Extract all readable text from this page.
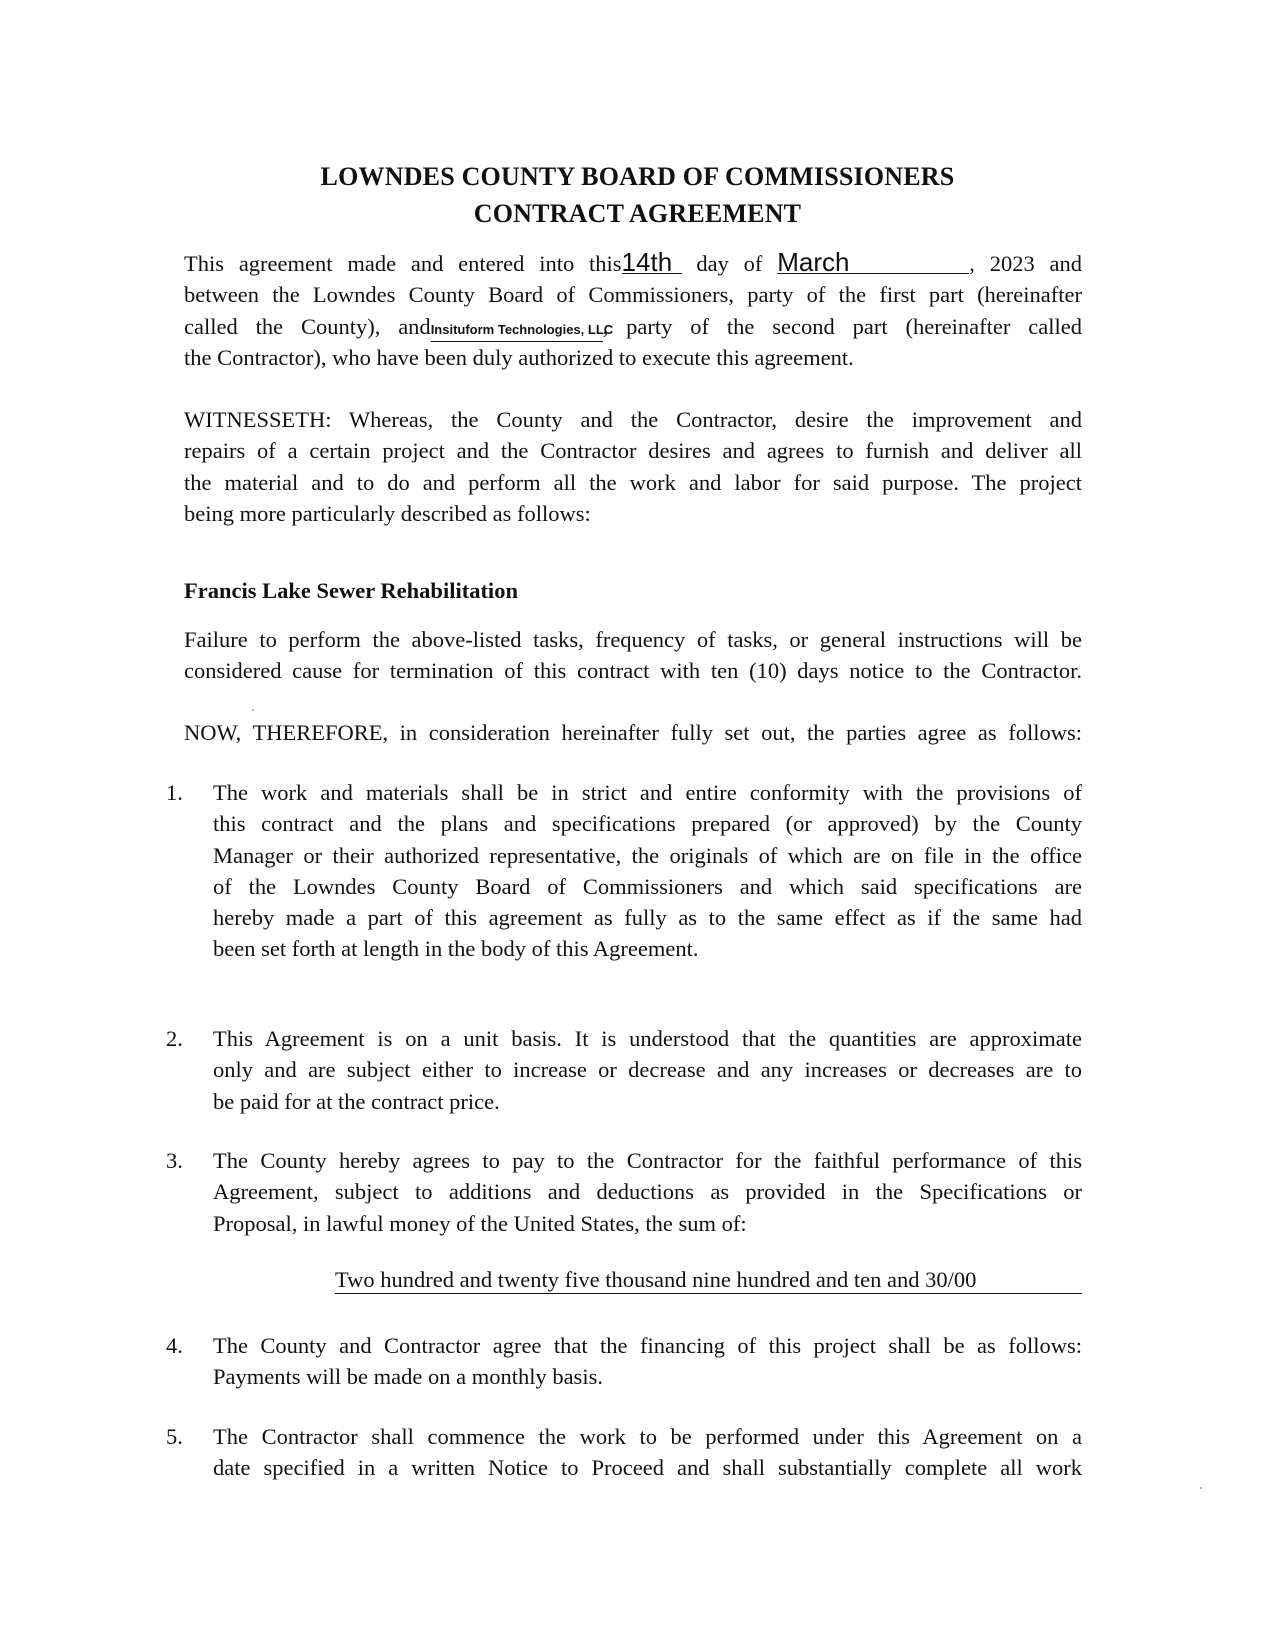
LOWNDES COUNTY BOARD OF COMMISSIONERS
CONTRACT AGREEMENT
This agreement made and entered into this14th day of March	, 2023 and
between the Lowndes County Board of Commissioners, party of the first part (hereinafter
called the County), andInsituform Technologies, LLC, party of the second part (hereinafter called
the Contractor), who have been duly authorized to execute this agreement.
WITNESSETH: Whereas, the County and the Contractor, desire the improvement and
repairs of a certain project and the Contractor desires and agrees to furnish and deliver all
the material and to do and perform all the work and labor for said purpose. The project
being more particularly described as follows:
Francis Lake Sewer Rehabilitation
Failure to perform the above-listed tasks, frequency of tasks, or general instructions will be
considered cause for termination of this contract with ten (10) days notice to the Contractor.
NOW, THEREFORE, in consideration hereinafter fully set out, the parties agree as follows:
1.	The work and materials shall be in strict and entire conformity with the provisions of
this contract and the plans and specifications prepared (or approved) by the County
Manager or their authorized representative, the originals of which are on file in the office
of the Lowndes County Board of Commissioners and which said specifications are
hereby made a part of this agreement as fully as to the same effect as if the same had
been set forth at length in the body of this Agreement.
2.	This Agreement is on a unit basis. It is understood that the quantities are approximate
only and are subject either to increase or decrease and any increases or decreases are to
be paid for at the contract price.
3.	The County hereby agrees to pay to the Contractor for the faithful performance of this
Agreement, subject to additions and deductions as provided in the Specifications or
Proposal, in lawful money of the United States, the sum of:
Two hundred and twenty five thousand nine hundred and ten and 30/00
4.	The County and Contractor agree that the financing of this project shall be as follows:
Payments will be made on a monthly basis.
5.	The Contractor shall commence the work to be performed under this Agreement on a
date specified in a written Notice to Proceed and shall substantially complete all work
